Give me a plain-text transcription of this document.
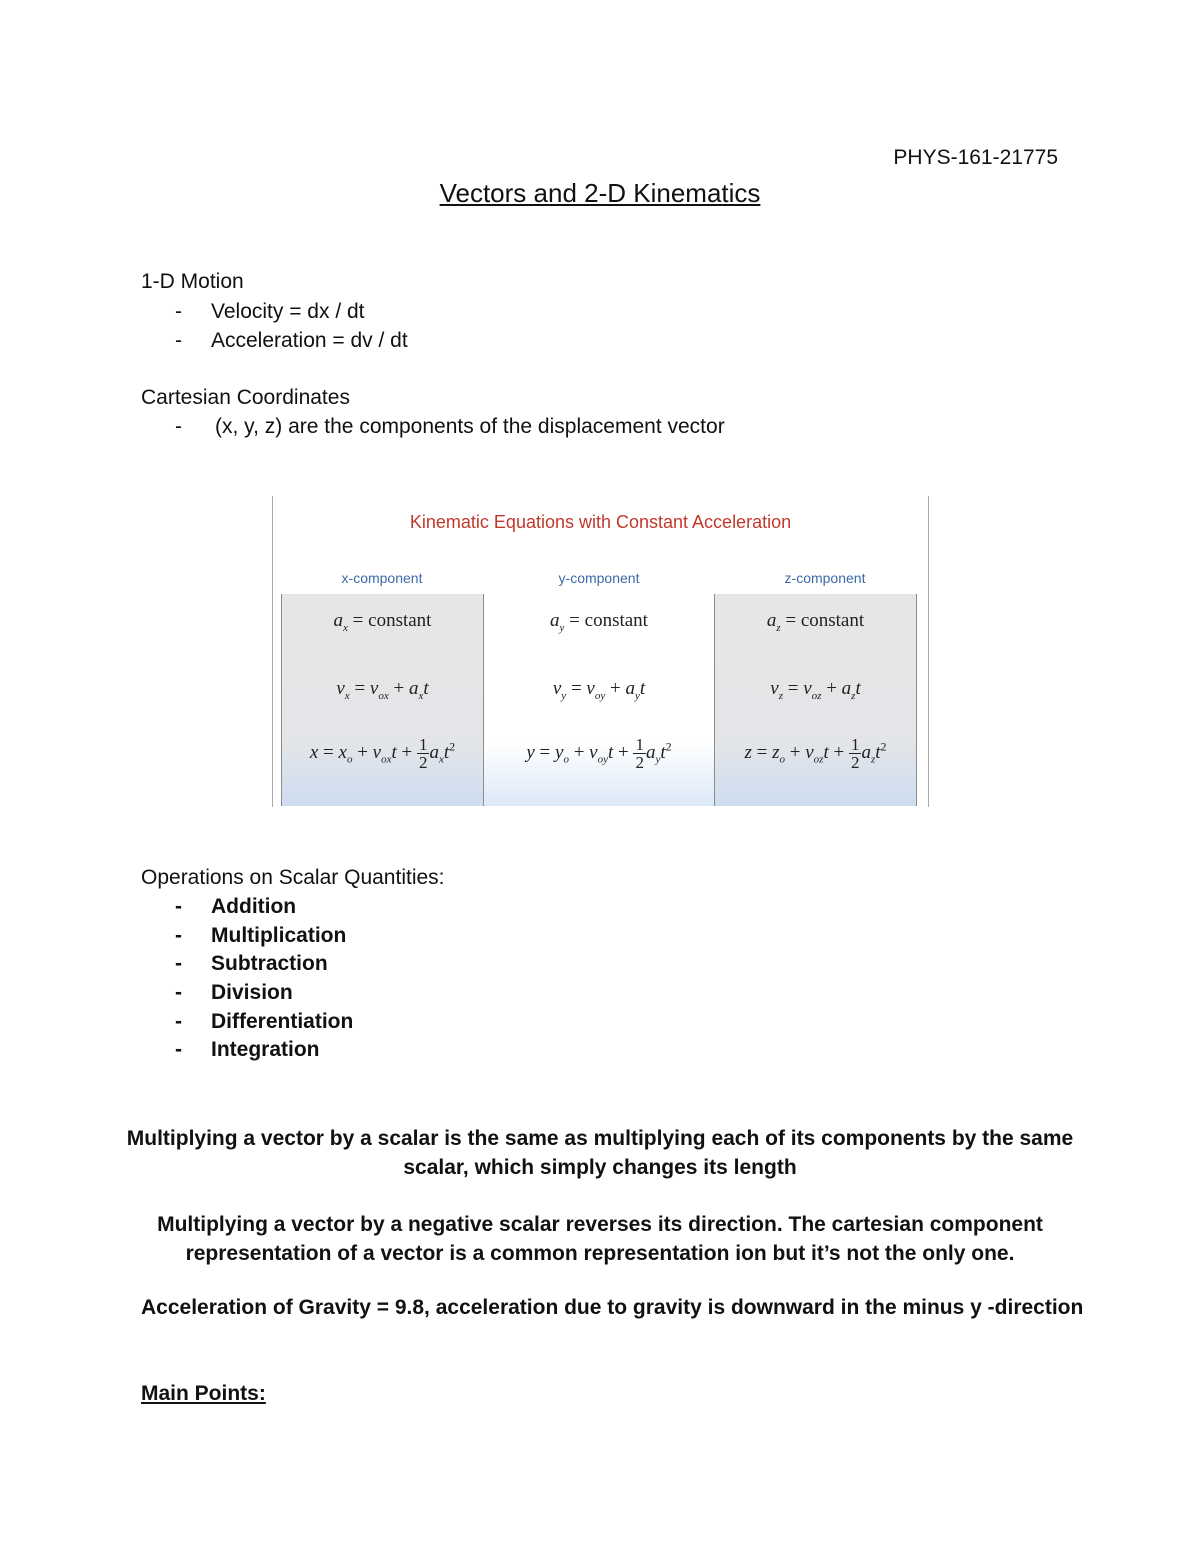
PHYS-161-21775
Vectors and 2-D Kinematics
1-D Motion
- Velocity = dx / dt
- Acceleration = dv / dt
Cartesian Coordinates
- (x, y, z) are the components of the displacement vector
Kinematic Equations with Constant Acceleration
x-component	y-component	z-component
$a_x$ = constant
$v_x = v_{ox} + a_xt$
$x = x_o + v_{ox}t + \frac{1}{2} a_xt^2$
$a_y$ = constant
$v_y = v_{oy} + a_yt$
$y = y_o + v_{oy}t + \frac{1}{2} a_yt^2$
$a_z$ = constant
$v_z = v_{oz} + a_zt$
$z = z_o + v_{oz}t + \frac{1}{2} a_zt^2$
Operations on Scalar Quantities:
- Addition
- Multiplication
- Subtraction
- Division
- Differentiation
- Integration
Multiplying a vector by a scalar is the same as multiplying each of its components by the same
scalar, which simply changes its length
Multiplying a vector by a negative scalar reverses its direction. The cartesian component
representation of a vector is a common representation ion but it’s not the only one.
Acceleration of Gravity = 9.8, acceleration due to gravity is downward in the minus y -direction
Main Points:
